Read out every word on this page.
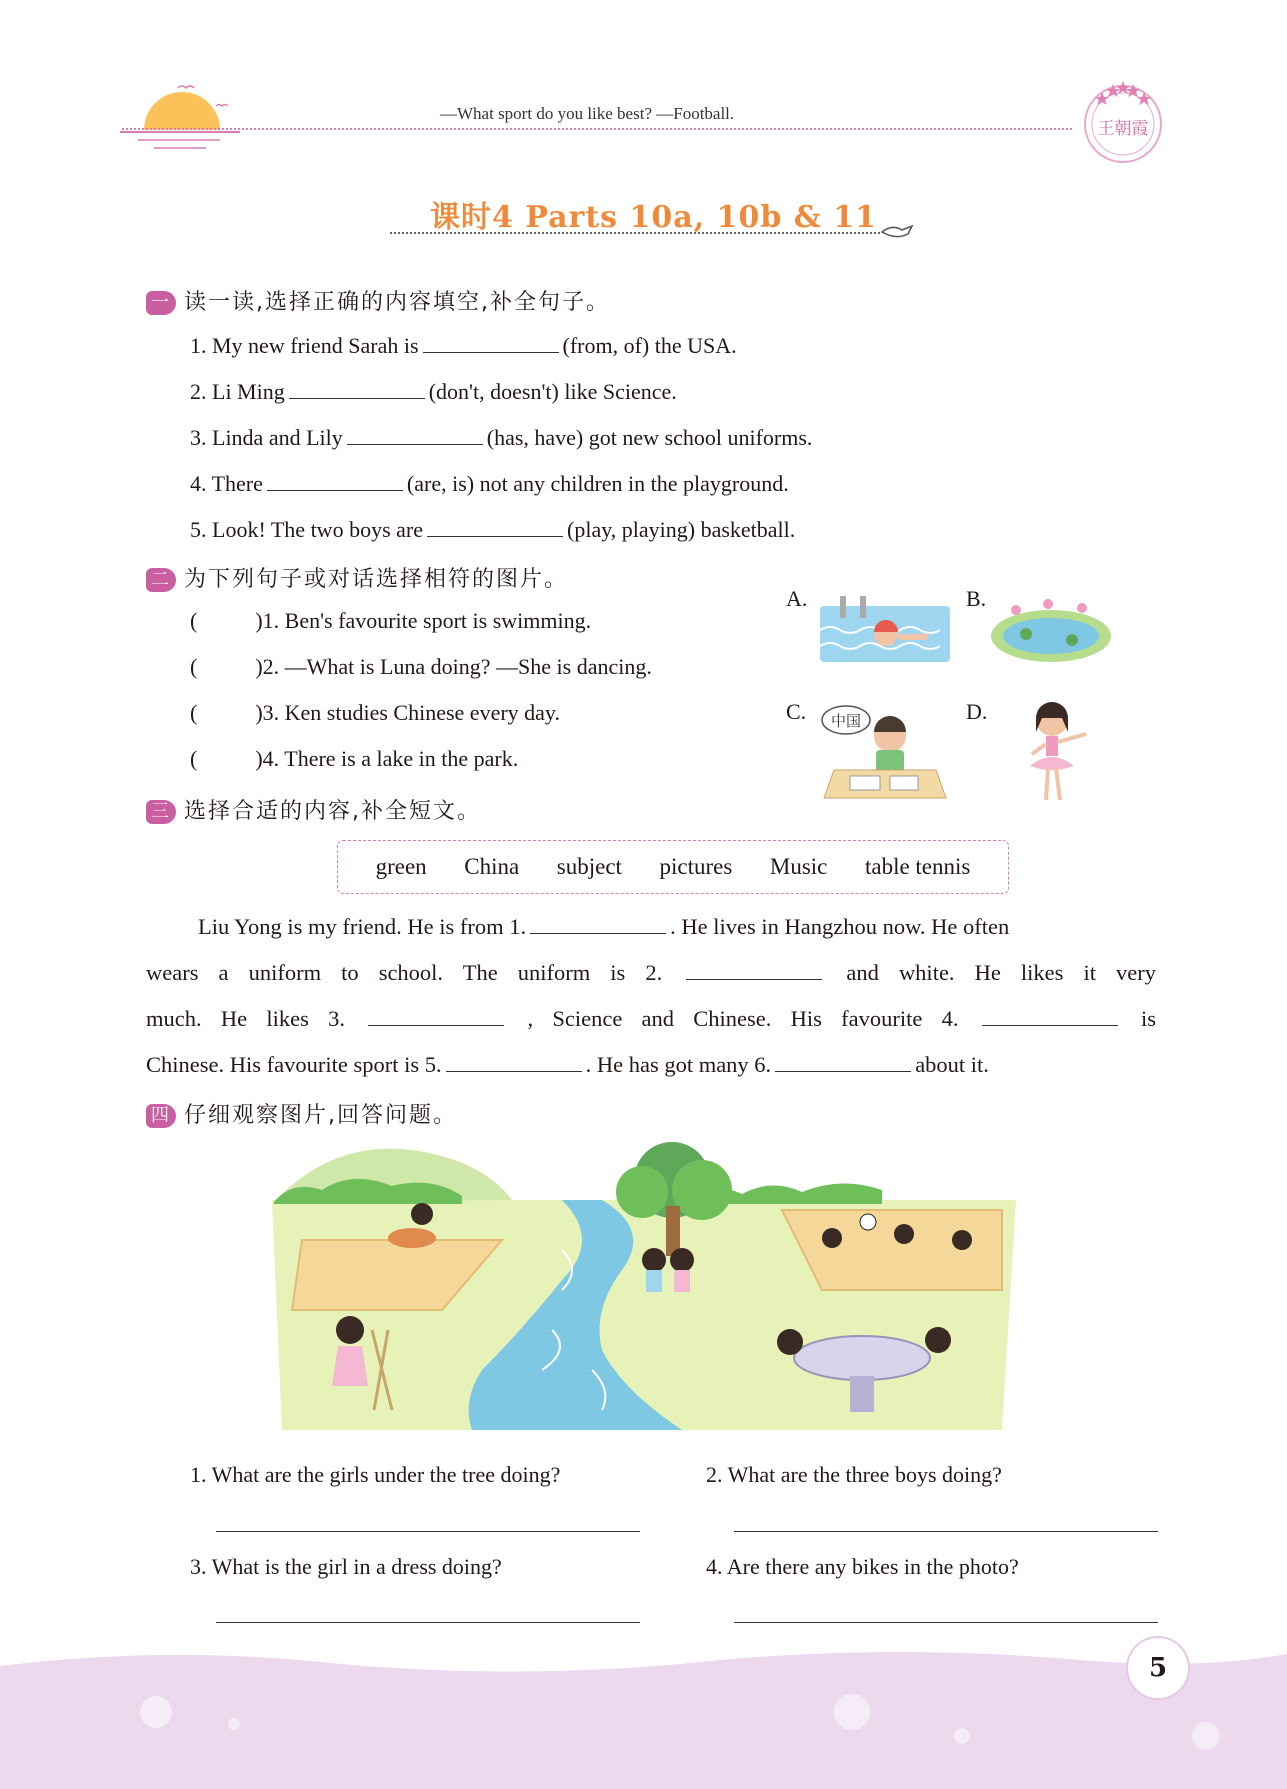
—What sport do you like best? —Football.
王朝霞
课时4 Parts 10a, 10b & 11
一 读一读,选择正确的内容填空,补全句子。
1. My new friend Sarah is	(from, of) the USA.
2. Li Ming	(don't, doesn't) like Science.
3. Linda and Lily	(has, have) got new school uniforms.
4. There	(are, is) not any children in the playground.
5. Look! The two boys are	(play, playing) basketball.
二 为下列句子或对话选择相符的图片。
(	)1. Ben's favourite sport is swimming.
(	)2. —What is Luna doing? —She is dancing.
(	)3. Ken studies Chinese every day.
(	)4. There is a lake in the park.
A.	B.
C. 中国	D.
三 选择合适的内容,补全短文。
green China subject pictures Music table tennis
Liu Yong is my friend. He is from 1.	. He lives in Hangzhou now. He often
wears a uniform to school. The uniform is 2.	and white. He likes it very
much. He likes 3.	, Science and Chinese. His favourite 4.	is
Chinese. His favourite sport is 5.	. He has got many 6.	about it.
四 仔细观察图片,回答问题。
1. What are the girls under the tree doing?	2. What are the three boys doing?
3. What is the girl in a dress doing?	4. Are there any bikes in the photo?
5
